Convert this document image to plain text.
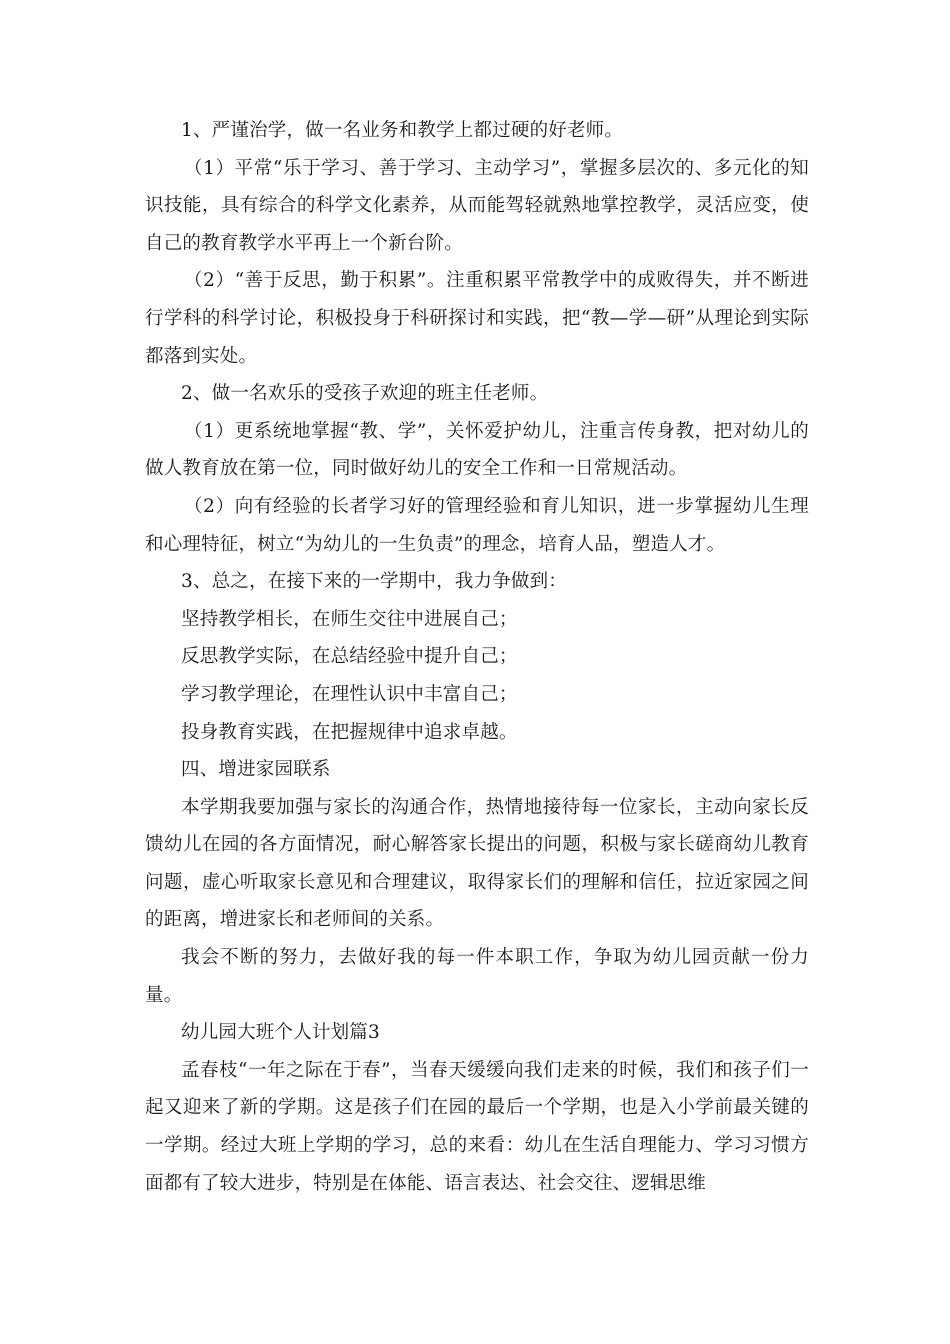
1、严谨治学，做一名业务和教学上都过硬的好老师。

（1）平常“乐于学习、善于学习、主动学习”，掌握多层次的、多元化的知识技能，具有综合的科学文化素养，从而能驾轻就熟地掌控教学，灵活应变，使自己的教育教学水平再上一个新台阶。

（2）“善于反思，勤于积累”。注重积累平常教学中的成败得失，并不断进行学科的科学讨论，积极投身于科研探讨和实践，把“教—学—研”从理论到实际都落到实处。

2、做一名欢乐的受孩子欢迎的班主任老师。

（1）更系统地掌握“教、学”，关怀爱护幼儿，注重言传身教，把对幼儿的做人教育放在第一位，同时做好幼儿的安全工作和一日常规活动。

（2）向有经验的长者学习好的管理经验和育儿知识，进一步掌握幼儿生理和心理特征，树立“为幼儿的一生负责”的理念，培育人品，塑造人才。

3、总之，在接下来的一学期中，我力争做到：

坚持教学相长，在师生交往中进展自己；

反思教学实际，在总结经验中提升自己；

学习教学理论，在理性认识中丰富自己；

投身教育实践，在把握规律中追求卓越。

四、增进家园联系

本学期我要加强与家长的沟通合作，热情地接待每一位家长，主动向家长反馈幼儿在园的各方面情况，耐心解答家长提出的问题，积极与家长磋商幼儿教育问题，虚心听取家长意见和合理建议，取得家长们的理解和信任，拉近家园之间的距离，增进家长和老师间的关系。

我会不断的努力，去做好我的每一件本职工作，争取为幼儿园贡献一份力量。

幼儿园大班个人计划篇3

孟春枝“一年之际在于春”，当春天缓缓向我们走来的时候，我们和孩子们一起又迎来了新的学期。这是孩子们在园的最后一个学期，也是入小学前最关键的一学期。经过大班上学期的学习，总的来看：幼儿在生活自理能力、学习习惯方面都有了较大进步，特别是在体能、语言表达、社会交往、逻辑思维
